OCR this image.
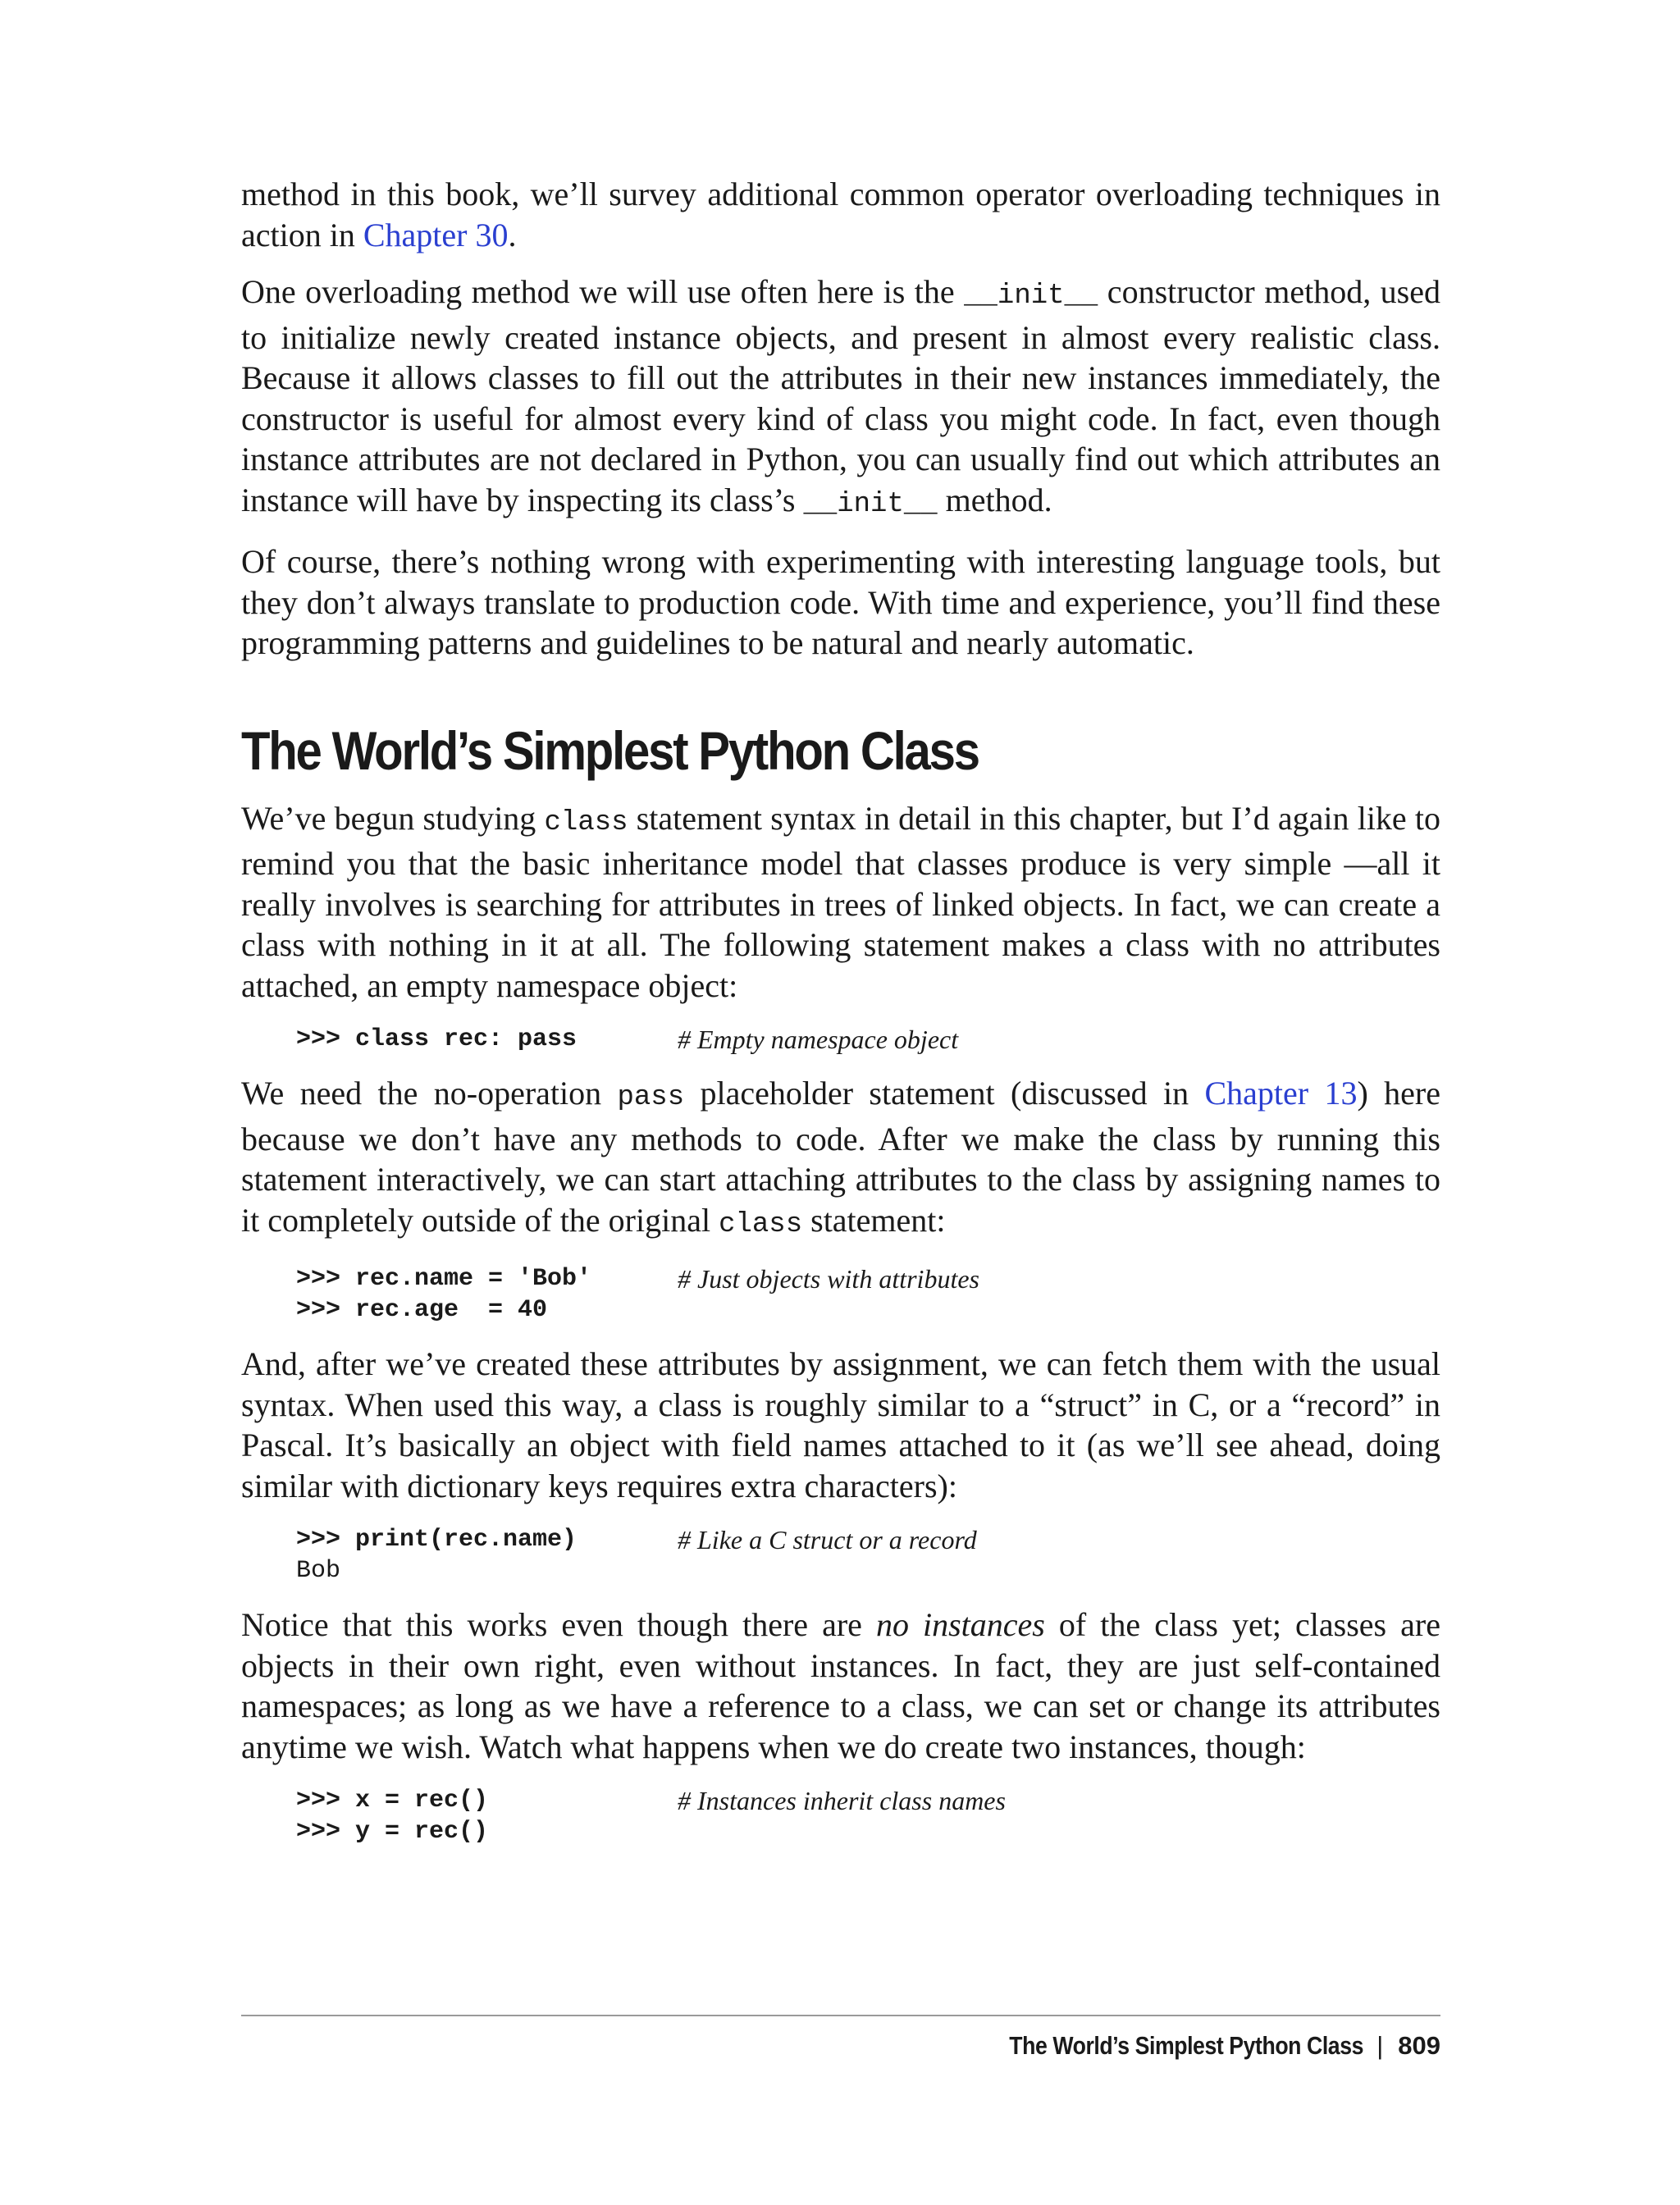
method in this book, we’ll survey additional common operator overloading techniques in action in Chapter 30.

One overloading method we will use often here is the __init__ constructor method, used to initialize newly created instance objects, and present in almost every realistic class. Because it allows classes to fill out the attributes in their new instances immediately, the constructor is useful for almost every kind of class you might code. In fact, even though instance attributes are not declared in Python, you can usually find out which attributes an instance will have by inspecting its class’s __init__ method.

Of course, there’s nothing wrong with experimenting with interesting language tools, but they don’t always translate to production code. With time and experience, you’ll find these programming patterns and guidelines to be natural and nearly automatic.

The World’s Simplest Python Class

We’ve begun studying class statement syntax in detail in this chapter, but I’d again like to remind you that the basic inheritance model that classes produce is very simple —all it really involves is searching for attributes in trees of linked objects. In fact, we can create a class with nothing in it at all. The following statement makes a class with no attributes attached, an empty namespace object:

>>> class rec: pass	# Empty namespace object

We need the no-operation pass placeholder statement (discussed in Chapter 13) here because we don’t have any methods to code. After we make the class by running this statement interactively, we can start attaching attributes to the class by assigning names to it completely outside of the original class statement:

>>> rec.name = 'Bob'	# Just objects with attributes
>>> rec.age  = 40

And, after we’ve created these attributes by assignment, we can fetch them with the usual syntax. When used this way, a class is roughly similar to a “struct” in C, or a “record” in Pascal. It’s basically an object with field names attached to it (as we’ll see ahead, doing similar with dictionary keys requires extra characters):

>>> print(rec.name)	# Like a C struct or a record
Bob

Notice that this works even though there are no instances of the class yet; classes are objects in their own right, even without instances. In fact, they are just self-contained namespaces; as long as we have a reference to a class, we can set or change its attributes anytime we wish. Watch what happens when we do create two instances, though:

>>> x = rec()	# Instances inherit class names
>>> y = rec()
The World’s Simplest Python Class | 809
